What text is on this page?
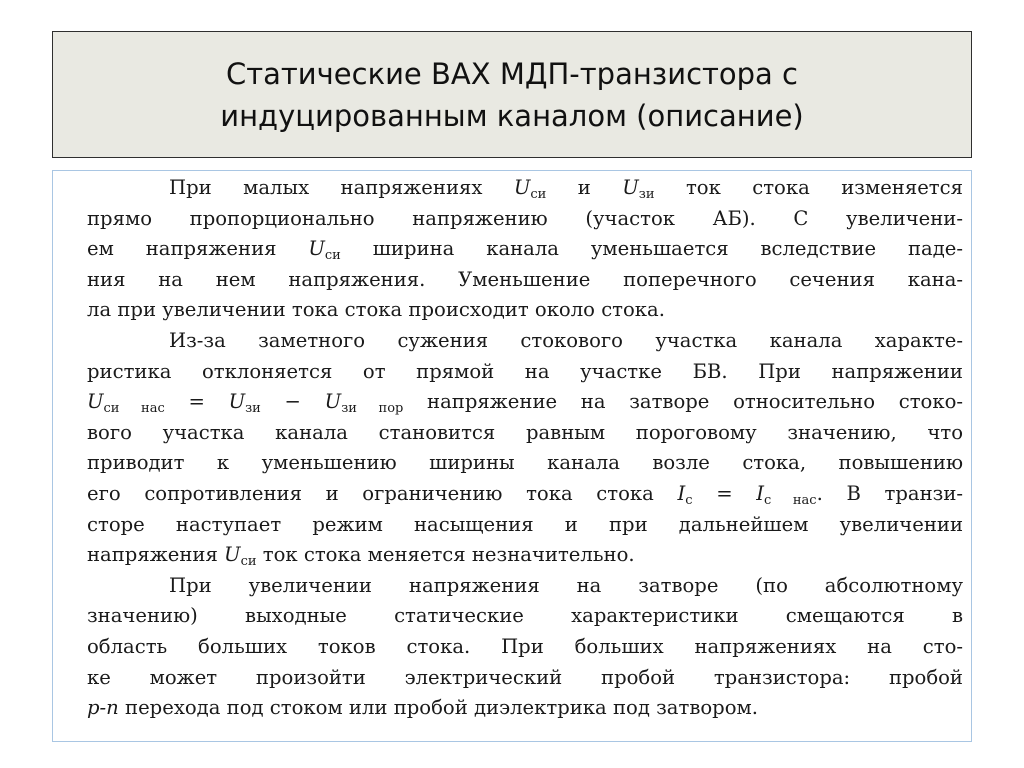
Статические ВАХ МДП-транзистора с
индуцированным каналом (описание)

При малых напряжениях $U_{си}$ и $U_{зи}$ ток стока изменяется
прямо пропорционально напряжению (участок АБ). С увеличени-
ем напряжения $U_{си}$ ширина канала уменьшается вследствие паде-
ния на нем напряжения. Уменьшение поперечного сечения кана-
ла при увеличении тока стока происходит около стока.

Из-за заметного сужения стокового участка канала характе-
ристика отклоняется от прямой на участке БВ. При напряжении
$U_{си нас} = U_{зи} - U_{зи пор}$ напряжение на затворе относительно стоко-
вого участка канала становится равным пороговому значению, что
приводит к уменьшению ширины канала возле стока, повышению
его сопротивления и ограничению тока стока $I_с = I_{с нас}$. В транзи-
сторе наступает режим насыщения и при дальнейшем увеличении
напряжения $U_{си}$ ток стока меняется незначительно.

При увеличении напряжения на затворе (по абсолютному
значению) выходные статические характеристики смещаются в
область больших токов стока. При больших напряжениях на сто-
ке может произойти электрический пробой транзистора: пробой
p-n перехода под стоком или пробой диэлектрика под затвором.
